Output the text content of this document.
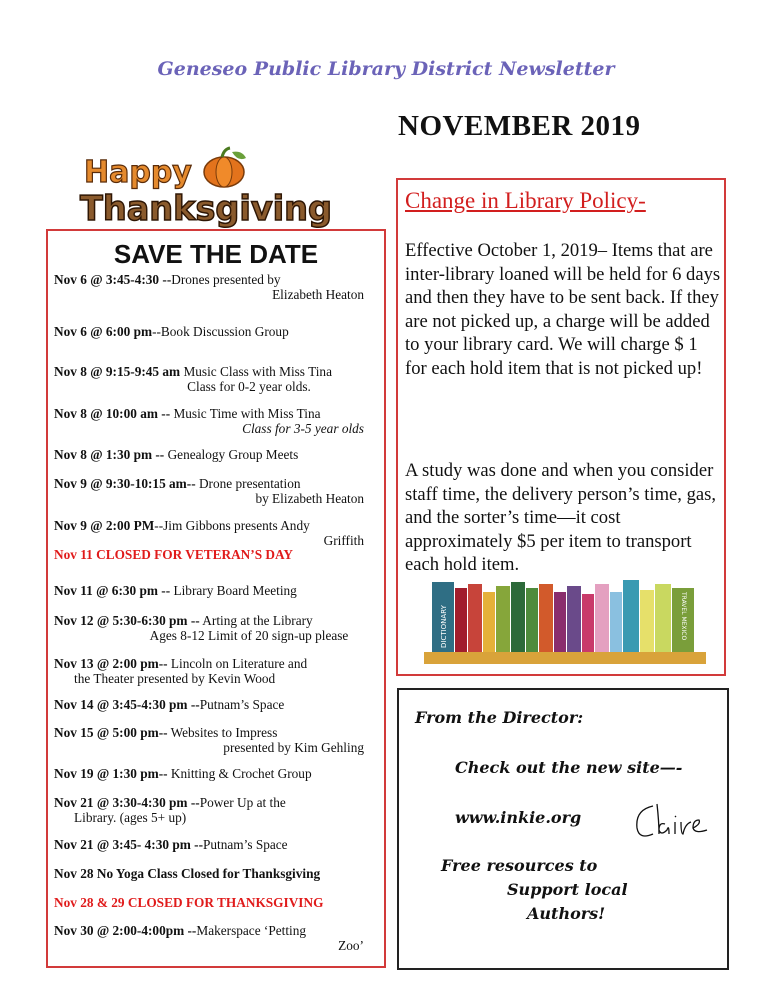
Geneseo Public Library District Newsletter
NOVEMBER 2019
Happy
Thanksgiving
SAVE THE DATE
Nov 6 @ 3:45-4:30 --Drones presented by
Elizabeth Heaton
Nov 6 @ 6:00 pm--Book Discussion Group
Nov 8 @ 9:15-9:45 am Music Class with Miss Tina
Class for 0-2 year olds.
Nov 8 @ 10:00 am -- Music Time with Miss Tina
Class for 3-5 year olds
Nov 8 @ 1:30 pm -- Genealogy Group Meets
Nov 9 @ 9:30-10:15 am-- Drone presentation
by Elizabeth Heaton
Nov 9 @ 2:00 PM--Jim Gibbons presents Andy
Griffith
Nov 11 CLOSED FOR VETERAN’S DAY
Nov 11 @ 6:30 pm -- Library Board Meeting
Nov 12 @ 5:30-6:30 pm -- Arting at the Library
Ages 8-12 Limit of 20 sign-up please
Nov 13 @ 2:00 pm-- Lincoln on Literature and
the Theater presented by Kevin Wood
Nov 14 @ 3:45-4:30 pm --Putnam’s Space
Nov 15 @ 5:00 pm-- Websites to Impress
presented by Kim Gehling
Nov 19 @ 1:30 pm-- Knitting & Crochet Group
Nov 21 @ 3:30-4:30 pm --Power Up at the
Library. (ages 5+ up)
Nov 21 @ 3:45- 4:30 pm --Putnam’s Space
Nov 28 No Yoga Class Closed for Thanksgiving
Nov 28 & 29 CLOSED FOR THANKSGIVING
Nov 30 @ 2:00-4:00pm --Makerspace ‘Petting
Zoo’
Change in Library Policy-
Effective October 1, 2019– Items that are inter-library loaned will be held for 6 days and then they have to be sent back. If they are not picked up, a charge will be added to your library card. We will charge $ 1 for each hold item that is not picked up!
A study was done and when you consider staff time, the delivery person’s time, gas, and the sorter’s time—it cost approximately $5 per item to transport each hold item.
DICTIONARY	TRAVEL MEXICO
From the Director:
Check out the new site—-
www.inkie.org
Free resources to
Support local
Authors!
